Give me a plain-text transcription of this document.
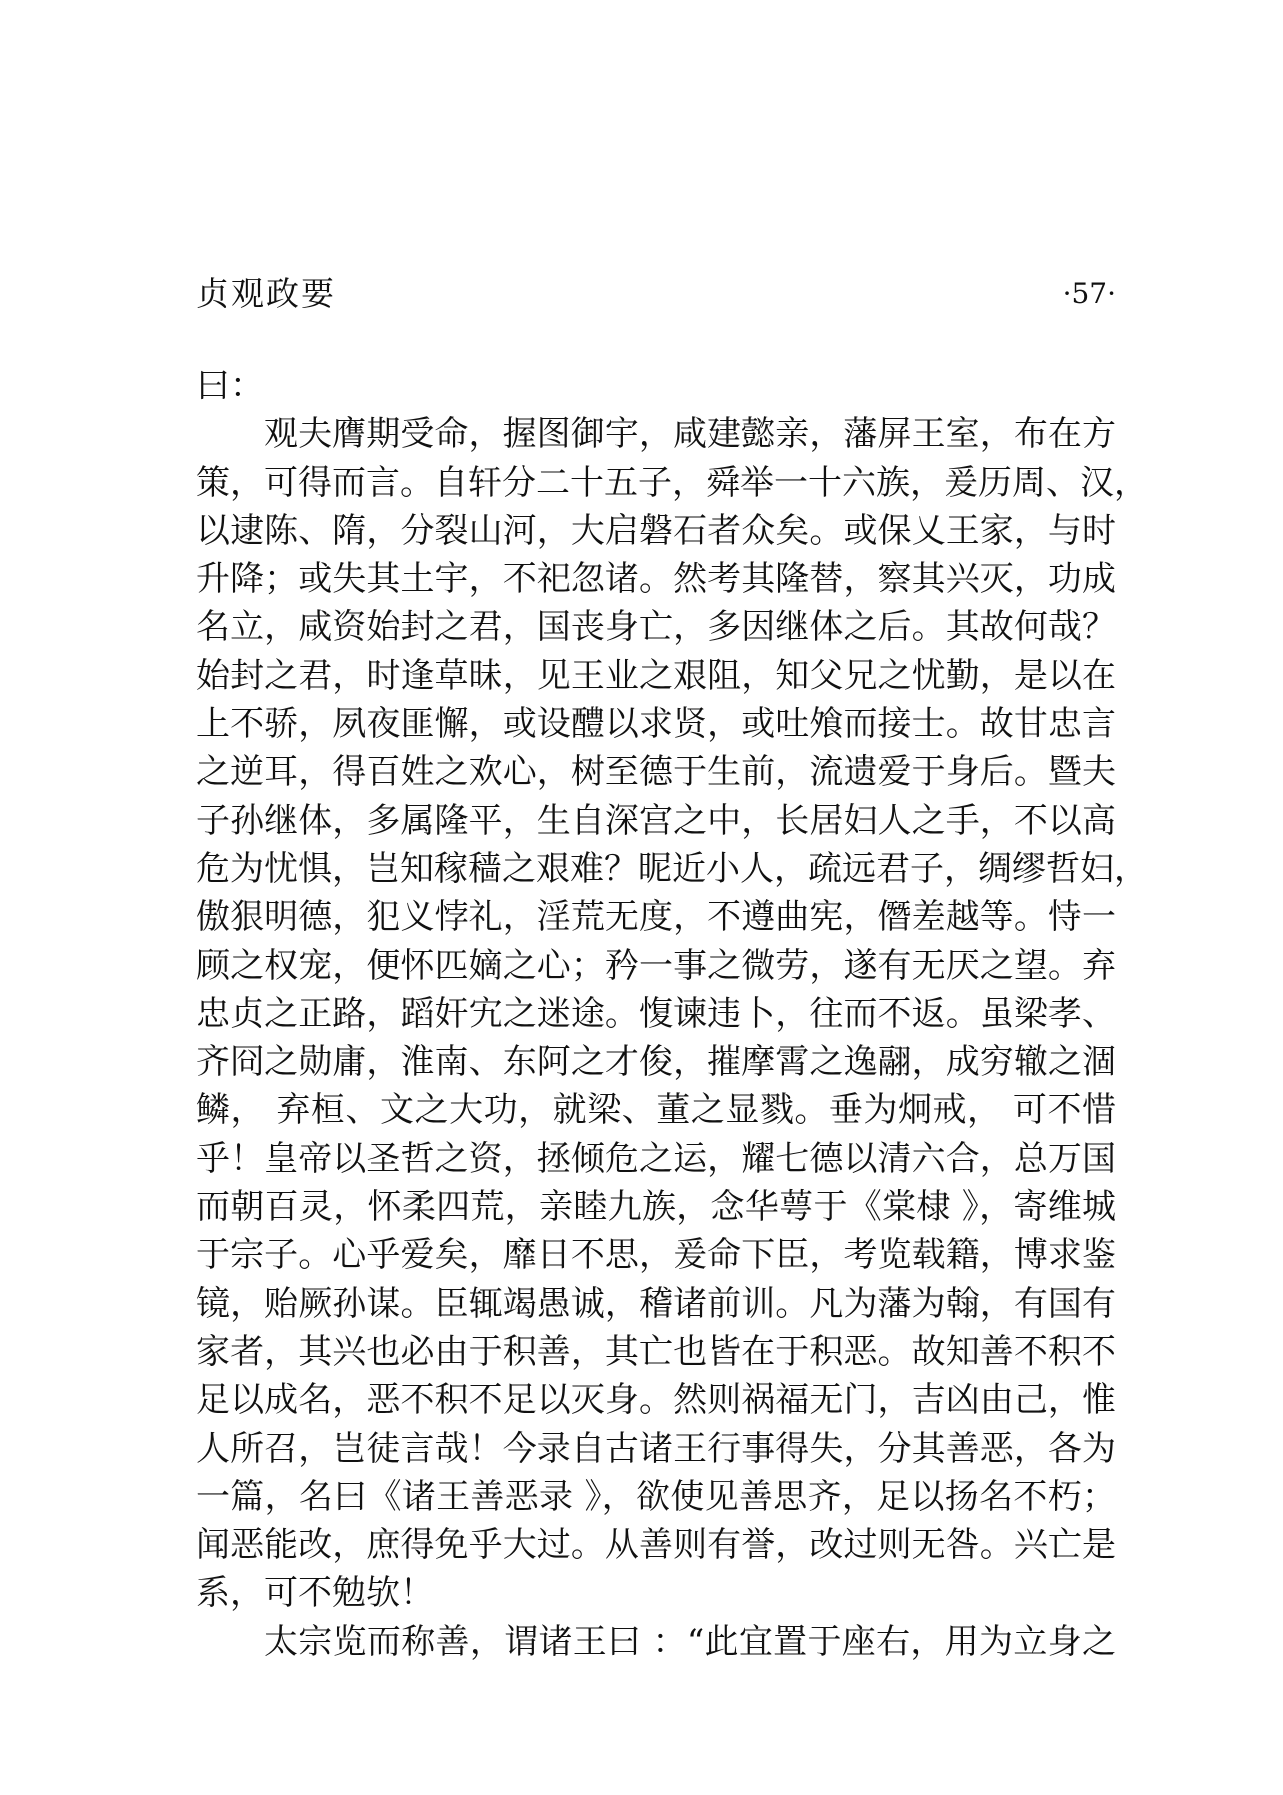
贞观政要	·57·
曰：
观夫膺期受命，握图御宇，咸建懿亲，藩屏王室，布在方
策，可得而言。自轩分二十五子，舜举一十六族，爰历周、汉，
以逮陈、隋，分裂山河，大启磐石者众矣。或保乂王家，与时
升降；或失其土宇，不祀忽诸。然考其隆替，察其兴灭，功成
名立，咸资始封之君，国丧身亡，多因继体之后。其故何哉？
始封之君，时逢草昧，见王业之艰阻，知父兄之忧勤，是以在
上不骄，夙夜匪懈，或设醴以求贤，或吐飧而接士。故甘忠言
之逆耳，得百姓之欢心，树至德于生前，流遗爱于身后。暨夫
子孙继体，多属隆平，生自深宫之中，长居妇人之手，不以高
危为忧惧，岂知稼穑之艰难？昵近小人，疏远君子，绸缪哲妇，
傲狠明德，犯义悖礼，淫荒无度，不遵曲宪，僭差越等。恃一
顾之权宠，便怀匹嫡之心；矜一事之微劳，遂有无厌之望。弃
忠贞之正路，蹈奸宄之迷途。愎谏违卜，往而不返。虽梁孝、
齐冏之勋庸，淮南、东阿之才俊，摧摩霄之逸翮，成穷辙之涸
鳞， 弃桓、文之大功，就梁、董之显戮。垂为炯戒， 可不惜
乎！皇帝以圣哲之资，拯倾危之运，耀七德以清六合，总万国
而朝百灵，怀柔四荒，亲睦九族，念华萼于《棠棣 》，寄维城
于宗子。心乎爱矣，靡日不思，爰命下臣，考览载籍，博求鉴
镜，贻厥孙谋。臣辄竭愚诚，稽诸前训。凡为藩为翰，有国有
家者，其兴也必由于积善，其亡也皆在于积恶。故知善不积不
足以成名，恶不积不足以灭身。然则祸福无门，吉凶由己，惟
人所召，岂徒言哉！今录自古诸王行事得失，分其善恶，各为
一篇，名曰《诸王善恶录 》，欲使见善思齐，足以扬名不朽；
闻恶能改，庶得免乎大过。从善则有誉，改过则无咎。兴亡是
系，可不勉欤！
太宗览而称善，谓诸王曰 ：“此宜置于座右，用为立身之
